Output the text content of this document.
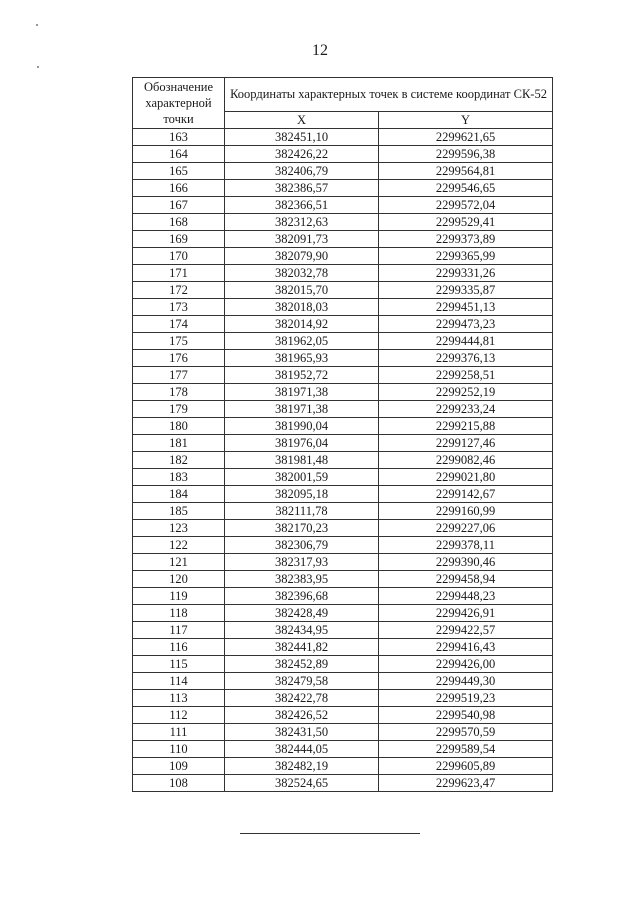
12
Обозначение характерной точки	Координаты характерных точек в системе координат СК-52	
	X	Y
163	382451,10	2299621,65
164	382426,22	2299596,38
165	382406,79	2299564,81
166	382386,57	2299546,65
167	382366,51	2299572,04
168	382312,63	2299529,41
169	382091,73	2299373,89
170	382079,90	2299365,99
171	382032,78	2299331,26
172	382015,70	2299335,87
173	382018,03	2299451,13
174	382014,92	2299473,23
175	381962,05	2299444,81
176	381965,93	2299376,13
177	381952,72	2299258,51
178	381971,38	2299252,19
179	381971,38	2299233,24
180	381990,04	2299215,88
181	381976,04	2299127,46
182	381981,48	2299082,46
183	382001,59	2299021,80
184	382095,18	2299142,67
185	382111,78	2299160,99
123	382170,23	2299227,06
122	382306,79	2299378,11
121	382317,93	2299390,46
120	382383,95	2299458,94
119	382396,68	2299448,23
118	382428,49	2299426,91
117	382434,95	2299422,57
116	382441,82	2299416,43
115	382452,89	2299426,00
114	382479,58	2299449,30
113	382422,78	2299519,23
112	382426,52	2299540,98
111	382431,50	2299570,59
110	382444,05	2299589,54
109	382482,19	2299605,89
108	382524,65	2299623,47
